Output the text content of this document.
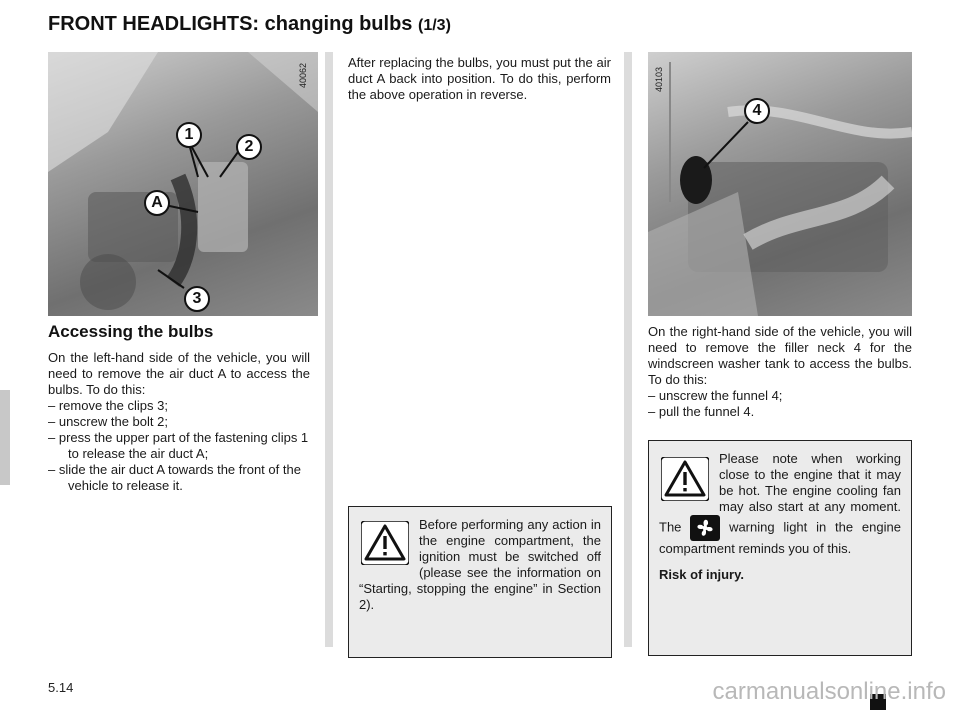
FRONT HEADLIGHTS: changing bulbs (1/3)
40062
1
2
A
3
Accessing the bulbs
On the left-hand side of the vehicle, you will need to remove the air duct A to access the bulbs. To do this:
– remove the clips 3;
– unscrew the bolt 2;
– press the upper part of the fastening clips 1 to release the air duct A;
– slide the air duct A towards the front of the vehicle to release it.
After replacing the bulbs, you must put the air duct A back into position. To do this, perform the above operation in reverse.
Before performing any action in the engine compartment, the ignition must be switched off (please see the information on “Starting, stopping the engine” in Section 2).
40103
4
On the right-hand side of the vehicle, you will need to remove the filler neck 4 for the windscreen washer tank to access the bulbs. To do this:
– unscrew the funnel 4;
– pull the funnel 4.
Please note when working close to the engine that it may be hot. The engine cooling fan may also start at any moment. The	warning light in the engine compartment reminds you of this.
Risk of injury.
5.14	carmanualsonline.info
